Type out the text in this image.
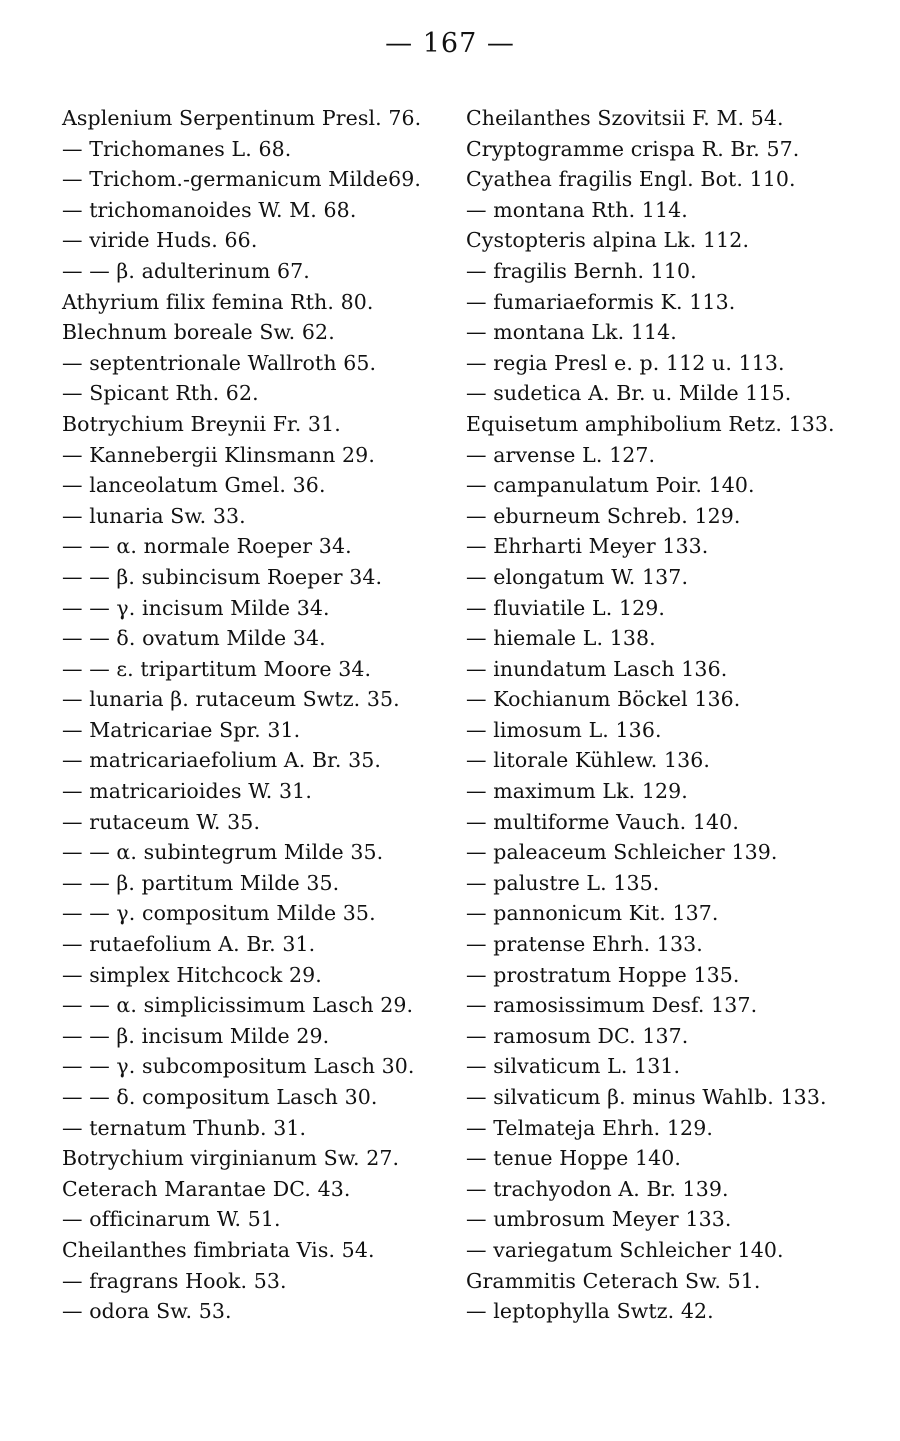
— 167 —
Asplenium Serpentinum Presl. 76.
— Trichomanes L. 68.
— Trichom.-germanicum Milde69.
— trichomanoides W. M. 68.
— viride Huds. 66.
— — β. adulterinum 67.
Athyrium filix femina Rth. 80.
Blechnum boreale Sw. 62.
— septentrionale Wallroth 65.
— Spicant Rth. 62.
Botrychium Breynii Fr. 31.
— Kannebergii Klinsmann 29.
— lanceolatum Gmel. 36.
— lunaria Sw. 33.
— — α. normale Roeper 34.
— — β. subincisum Roeper 34.
— — γ. incisum Milde 34.
— — δ. ovatum Milde 34.
— — ε. tripartitum Moore 34.
— lunaria β. rutaceum Swtz. 35.
— Matricariae Spr. 31.
— matricariaefolium A. Br. 35.
— matricarioides W. 31.
— rutaceum W. 35.
— — α. subintegrum Milde 35.
— — β. partitum Milde 35.
— — γ. compositum Milde 35.
— rutaefolium A. Br. 31.
— simplex Hitchcock 29.
— — α. simplicissimum Lasch 29.
— — β. incisum Milde 29.
— — γ. subcompositum Lasch 30.
— — δ. compositum Lasch 30.
— ternatum Thunb. 31.
Botrychium virginianum Sw. 27.
Ceterach Marantae DC. 43.
— officinarum W. 51.
Cheilanthes fimbriata Vis. 54.
— fragrans Hook. 53.
— odora Sw. 53.
Cheilanthes Szovitsii F. M. 54.
Cryptogramme crispa R. Br. 57.
Cyathea fragilis Engl. Bot. 110.
— montana Rth. 114.
Cystopteris alpina Lk. 112.
— fragilis Bernh. 110.
— fumariaeformis K. 113.
— montana Lk. 114.
— regia Presl e. p. 112 u. 113.
— sudetica A. Br. u. Milde 115.
Equisetum amphibolium Retz. 133.
— arvense L. 127.
— campanulatum Poir. 140.
— eburneum Schreb. 129.
— Ehrharti Meyer 133.
— elongatum W. 137.
— fluviatile L. 129.
— hiemale L. 138.
— inundatum Lasch 136.
— Kochianum Böckel 136.
— limosum L. 136.
— litorale Kühlew. 136.
— maximum Lk. 129.
— multiforme Vauch. 140.
— paleaceum Schleicher 139.
— palustre L. 135.
— pannonicum Kit. 137.
— pratense Ehrh. 133.
— prostratum Hoppe 135.
— ramosissimum Desf. 137.
— ramosum DC. 137.
— silvaticum L. 131.
— silvaticum β. minus Wahlb. 133.
— Telmateja Ehrh. 129.
— tenue Hoppe 140.
— trachyodon A. Br. 139.
— umbrosum Meyer 133.
— variegatum Schleicher 140.
Grammitis Ceterach Sw. 51.
— leptophylla Swtz. 42.
